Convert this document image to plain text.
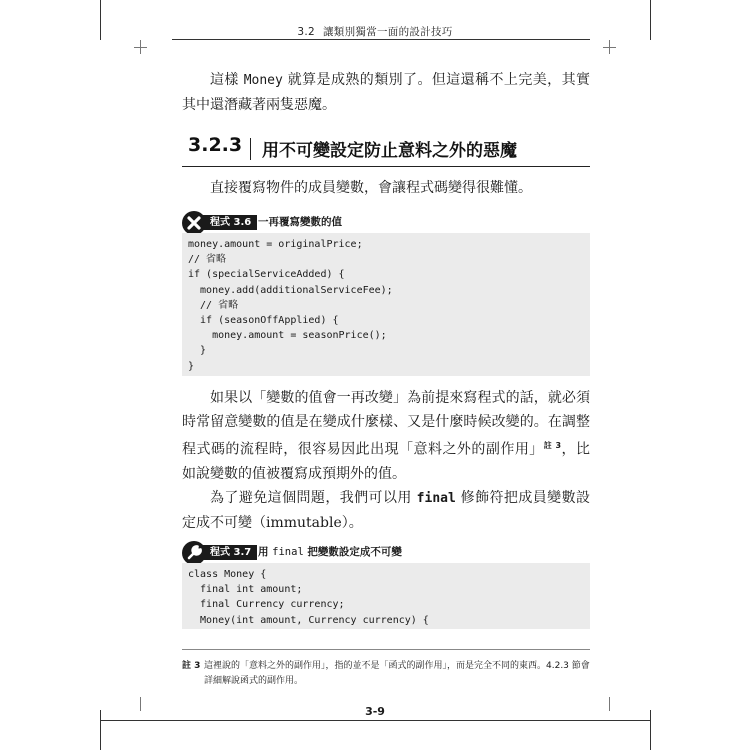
3.2 讓類別獨當一面的設計技巧
這樣 Money 就算是成熟的類別了。但這還稱不上完美，其實其中還潛藏著兩隻惡魔。
3.2.3 用不可變設定防止意料之外的惡魔
直接覆寫物件的成員變數，會讓程式碼變得很難懂。
程式 3.6 一再覆寫變數的值
money.amount = originalPrice;
// 省略
if (specialServiceAdded) {
money.add(additionalServiceFee);
// 省略
if (seasonOffApplied) {
money.amount = seasonPrice();
}
}
如果以「變數的值會一再改變」為前提來寫程式的話，就必須時常留意變數的值是在變成什麼樣、又是什麼時候改變的。在調整程式碼的流程時，很容易因此出現「意料之外的副作用」$^{註 3}$，比如說變數的值被覆寫成預期外的值。
為了避免這個問題，我們可以用 final 修飾符把成員變數設定成不可變（immutable）。
程式 3.7 用 final 把變數設定成不可變
class Money {
final int amount;
final Currency currency;
Money(int amount, Currency currency) {
註 3 這裡說的「意料之外的副作用」，指的並不是「函式的副作用」，而是完全不同的東西。4.2.3 節會詳細解說函式的副作用。
3-9
